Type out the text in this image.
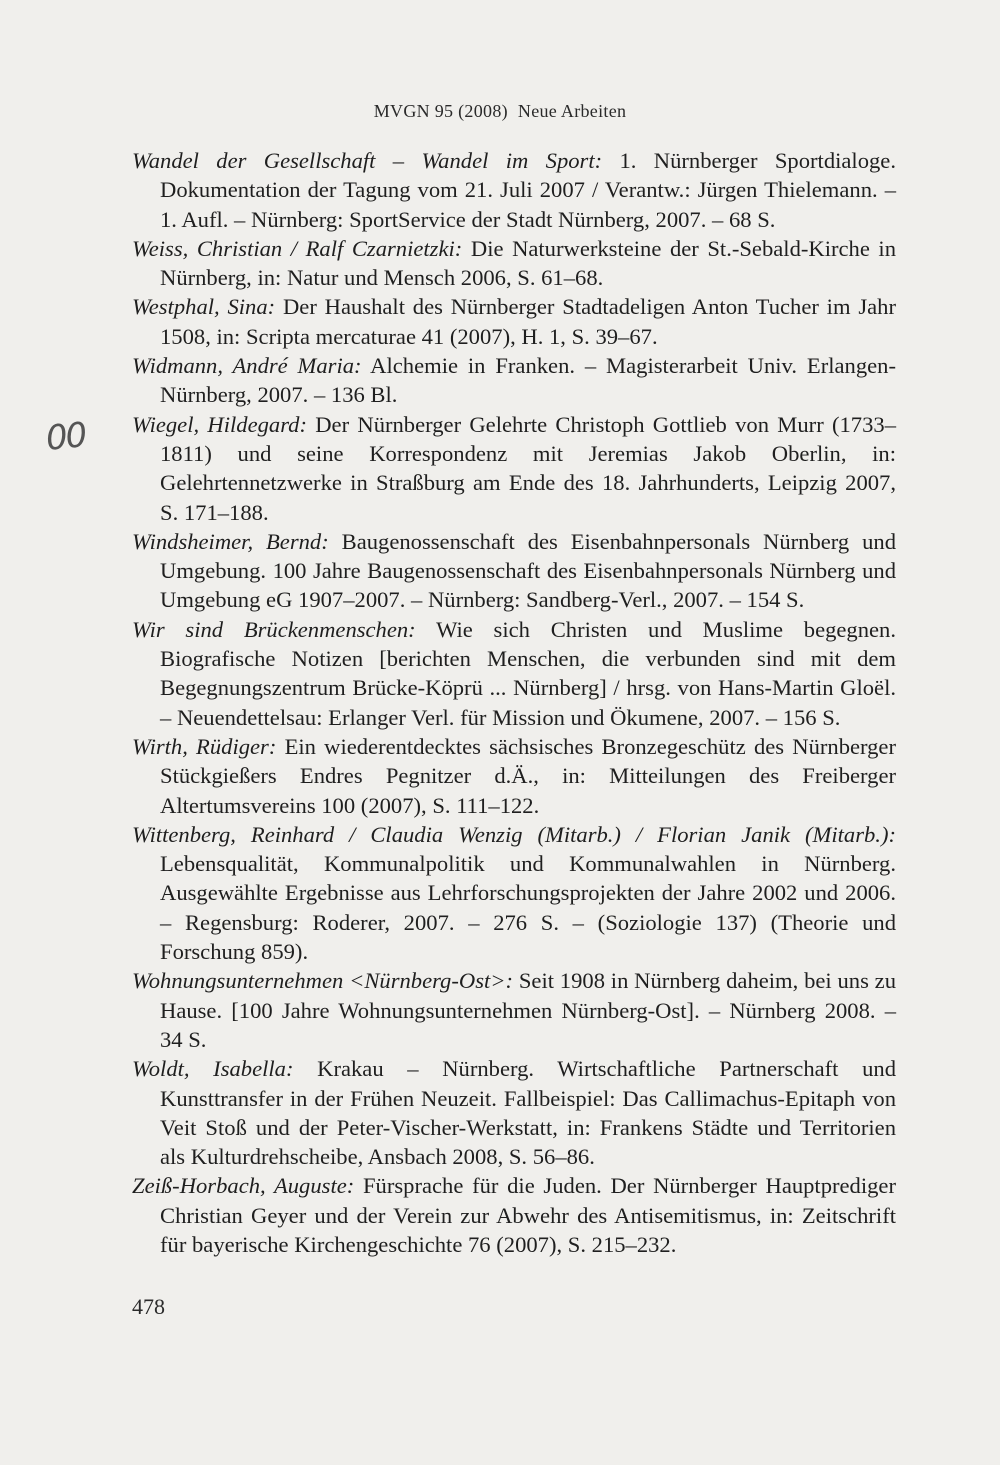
MVGN 95 (2008) Neue Arbeiten
00

Wandel der Gesellschaft – Wandel im Sport: 1. Nürnberger Sportdialoge. Dokumentation der Tagung vom 21. Juli 2007 / Verantw.: Jürgen Thielemann. – 1. Aufl. – Nürnberg: SportService der Stadt Nürnberg, 2007. – 68 S.

Weiss, Christian / Ralf Czarnietzki: Die Naturwerksteine der St.-Sebald-Kirche in Nürnberg, in: Natur und Mensch 2006, S. 61–68.

Westphal, Sina: Der Haushalt des Nürnberger Stadtadeligen Anton Tucher im Jahr 1508, in: Scripta mercaturae 41 (2007), H. 1, S. 39–67.

Widmann, André Maria: Alchemie in Franken. – Magisterarbeit Univ. Erlangen-Nürnberg, 2007. – 136 Bl.

Wiegel, Hildegard: Der Nürnberger Gelehrte Christoph Gottlieb von Murr (1733–1811) und seine Korrespondenz mit Jeremias Jakob Oberlin, in: Gelehrtennetzwerke in Straßburg am Ende des 18. Jahrhunderts, Leipzig 2007, S. 171–188.

Windsheimer, Bernd: Baugenossenschaft des Eisenbahnpersonals Nürnberg und Umgebung. 100 Jahre Baugenossenschaft des Eisenbahnpersonals Nürnberg und Umgebung eG 1907–2007. – Nürnberg: Sandberg-Verl., 2007. – 154 S.

Wir sind Brückenmenschen: Wie sich Christen und Muslime begegnen. Biografische Notizen [berichten Menschen, die verbunden sind mit dem Begegnungszentrum Brücke-Köprü ... Nürnberg] / hrsg. von Hans-Martin Gloël. – Neuendettelsau: Erlanger Verl. für Mission und Ökumene, 2007. – 156 S.

Wirth, Rüdiger: Ein wiederentdecktes sächsisches Bronzegeschütz des Nürnberger Stückgießers Endres Pegnitzer d.Ä., in: Mitteilungen des Freiberger Altertumsvereins 100 (2007), S. 111–122.

Wittenberg, Reinhard / Claudia Wenzig (Mitarb.) / Florian Janik (Mitarb.): Lebensqualität, Kommunalpolitik und Kommunalwahlen in Nürnberg. Ausgewählte Ergebnisse aus Lehrforschungsprojekten der Jahre 2002 und 2006. – Regensburg: Roderer, 2007. – 276 S. – (Soziologie 137) (Theorie und Forschung 859).

Wohnungsunternehmen <Nürnberg-Ost>: Seit 1908 in Nürnberg daheim, bei uns zu Hause. [100 Jahre Wohnungsunternehmen Nürnberg-Ost]. – Nürnberg 2008. – 34 S.

Woldt, Isabella: Krakau – Nürnberg. Wirtschaftliche Partnerschaft und Kunsttransfer in der Frühen Neuzeit. Fallbeispiel: Das Callimachus-Epitaph von Veit Stoß und der Peter-Vischer-Werkstatt, in: Frankens Städte und Territorien als Kulturdrehscheibe, Ansbach 2008, S. 56–86.

Zeiß-Horbach, Auguste: Fürsprache für die Juden. Der Nürnberger Hauptprediger Christian Geyer und der Verein zur Abwehr des Antisemitismus, in: Zeitschrift für bayerische Kirchengeschichte 76 (2007), S. 215–232.

478
